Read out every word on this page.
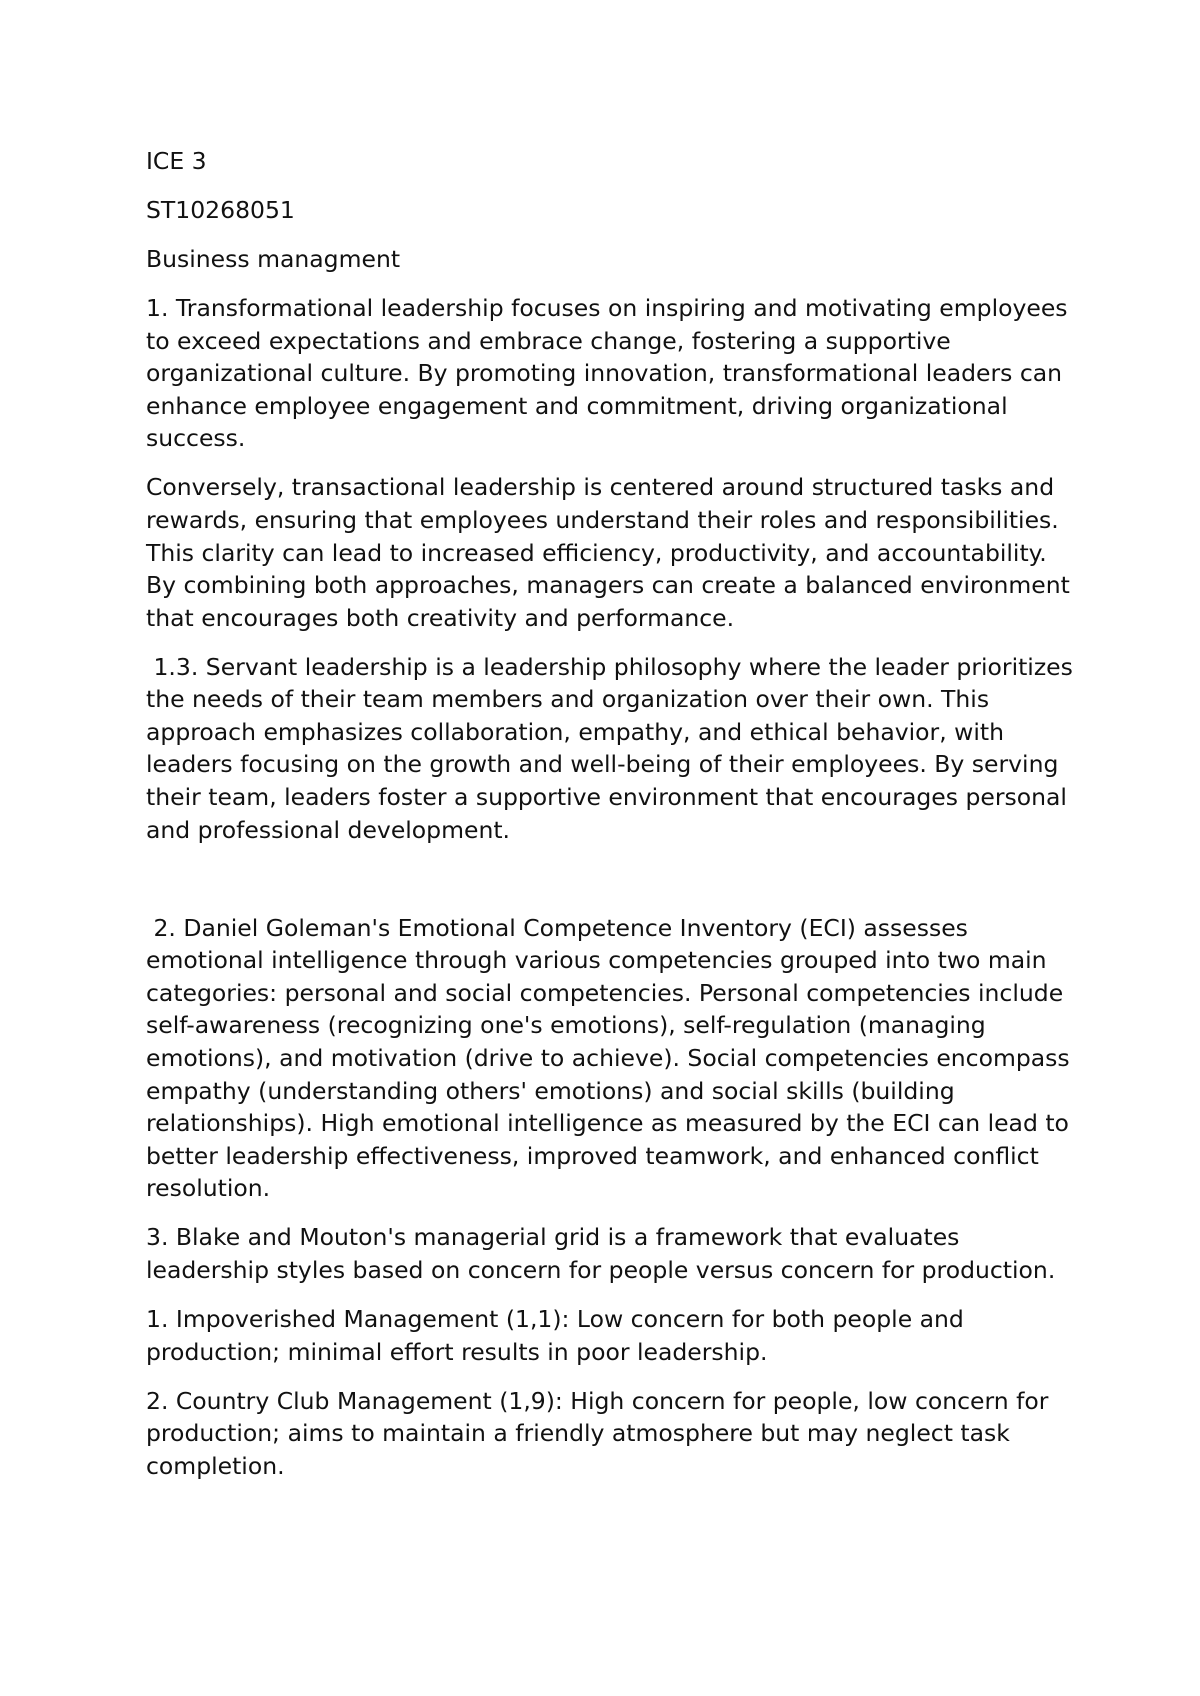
ICE 3

ST10268051

Business managment

1. Transformational leadership focuses on inspiring and motivating employees to exceed expectations and embrace change, fostering a supportive organizational culture. By promoting innovation, transformational leaders can enhance employee engagement and commitment, driving organizational success.

Conversely, transactional leadership is centered around structured tasks and rewards, ensuring that employees understand their roles and responsibilities. This clarity can lead to increased efficiency, productivity, and accountability. By combining both approaches, managers can create a balanced environment that encourages both creativity and performance.

1.3. Servant leadership is a leadership philosophy where the leader prioritizes the needs of their team members and organization over their own. This approach emphasizes collaboration, empathy, and ethical behavior, with leaders focusing on the growth and well-being of their employees. By serving their team, leaders foster a supportive environment that encourages personal and professional development.

2. Daniel Goleman's Emotional Competence Inventory (ECI) assesses emotional intelligence through various competencies grouped into two main categories: personal and social competencies. Personal competencies include self-awareness (recognizing one's emotions), self-regulation (managing emotions), and motivation (drive to achieve). Social competencies encompass empathy (understanding others' emotions) and social skills (building relationships). High emotional intelligence as measured by the ECI can lead to better leadership effectiveness, improved teamwork, and enhanced conflict resolution.

3. Blake and Mouton's managerial grid is a framework that evaluates leadership styles based on concern for people versus concern for production.

1. Impoverished Management (1,1): Low concern for both people and production; minimal effort results in poor leadership.

2. Country Club Management (1,9): High concern for people, low concern for production; aims to maintain a friendly atmosphere but may neglect task completion.
